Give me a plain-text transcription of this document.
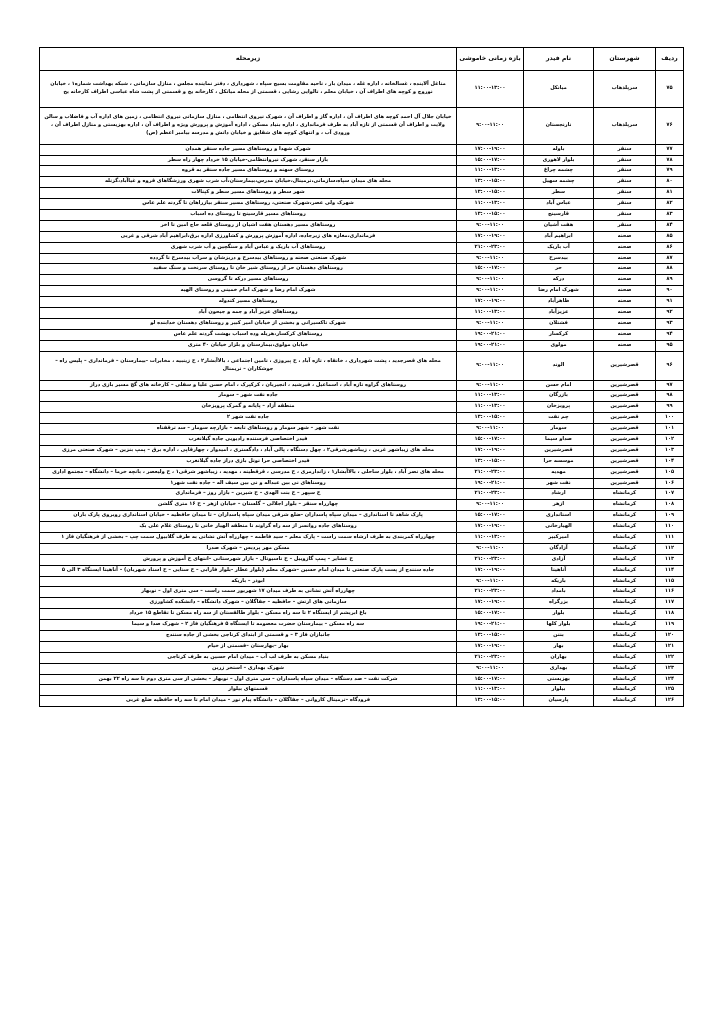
ردیف	شهرستان	نام فیدر	بازه زمانی خاموشی	زیرمحله
۷۵	سرپلذهاب	میانکل	۱۱:۰۰-۱۳:۰۰	متاغل آلاینده ، غسالخانه ، اداره غله ، میدان بار ، ناحیه مقاومت بسیج سپاه ، شهرداری ، دفتر نماینده مجلس ، منازل سازمانی ، شبکه بهداشت شماره۱ ، خیابان نوروچ و کوچه های اطراف آن ، خیابان معلم ، تالوایی رشایی ، قسمتی از محله میانکل ، کارخانه یخ و قسمتی از پشت شاه عباسی اطراف کارخانه یخ
۷۶	سرپلذهاب	نارنجستان	۹:۰۰-۱۱:۰۰	خیابان جلال آل احمد کوچه های اطراف آن ، اداره گاز و اطراف آن ، شهرک نیروی انتظامی ، منازل سازمانی نیروی انتظامی ، زمین های اداره آب و فاضلاب و سالن ولایت و اطراف آن قسمتی از تازه آباد به طرف فرمانداری ، اداره بنیاد مسکن ، اداره آموزش و پرورش ویژه و اطراف آن ، اداره بهزیستی و منازل اطراف آن ، ورودی آب ، و انتهای کوچه های شقایق و خیابان دانش و مدرسه بیامبر اعظم (ص)
۷۷	سنقر	باوله	۱۷:۰۰-۱۹:۰۰	شهرک شهدا و روستاهای مسیر جاده سنقر همدان
۷۸	سنقر	بلوار لاهوری	۱۵:۰۰-۱۷:۰۰	بازار سنقر، شهرک نیروانتظامی-خیابان ۱۵ خرداد چهار راه سطر
۷۹	سنقر	چشمه چراغ	۱۱:۰۰-۱۳:۰۰	روستای سهنه و روستاهای مسیر جاده سنقر به قروه
۸۰	سنقر	چشمه سهیل	۱۳:۰۰-۱۵:۰۰	محله های میدان سپاه،سازمانی،ترمینال،خیابان مدرس،بیمارستان،آب شرب شهری ورزشگاهای قروه و غیاآباد،گزنله
۸۱	سنقر	سطر	۱۳:۰۰-۱۵:۰۰	شهر سطر و روستاهای مسیر سطر و کپنالات
۸۲	سنقر	عباس آباد	۱۱:۰۰-۱۳:۰۰	شهرک ولی عصر،شهرک صنعتی، روستاهای مسیر سنقر بیازراهان تا گردنه علم عاس
۸۳	سنقر	قارسینج	۱۳:۰۰-۱۵:۰۰	روستاهای مسیر قارسینج تا روستای ده اسباب
۸۴	سنقر	هفت آشیان	۹:۰۰-۱۱:۰۰	روستاهای مسیر دهستان هفت اشیان از روستای قلعه حاج امین تا اخر
۸۵	صحنه	ابراهیم آباد	۱۷:۰۰-۱۹:۰۰	فرمانداری،مغازه های زیرجاده، اداره آموزش پرورش و کشاورزی اداره برق،ابراهیم آباد شرقی و غربی
۸۶	صحنه	آب باریک	۲۱:۰۰-۲۳:۰۰	روستاهای آب باریک و عباس آباد و سنگچین و آب شرب شهری
۸۷	صحنه	بیدسرخ	۹:۰۰-۱۱:۰۰	شهرک صنعتی صحنه و روستاهای بیدسرخ و دریزشان و سراب بیدسرخ تا گردده
۸۸	صحنه	حر	۱۵:۰۰-۱۷:۰۰	روستاهای دهستان حر از روستای شیر خان تا روستای سرنخت و سنگ سفید
۸۹	صحنه	درکه	۹:۰۰-۱۱:۰۰	روستاهای مسیر درکه تا گروسی
۹۰	صحنه	شهرک امام رضا	۹:۰۰-۱۱:۰۰	شهرک امام رضا و شهرک امام خمینی و روستای الهیه
۹۱	صحنه	ظاهرآباد	۱۷:۰۰-۱۹:۰۰	روستاهای مسیر کندوله
۹۲	صحنه	عزیزآباد	۱۱:۰۰-۱۳:۰۰	روستاهای عزیز آباد و جمه و جیحون آباد
۹۳	صحنه	فشتلان	۹:۰۰-۱۱:۰۰	شهرک تاکسیرانی و بخشی از خیابان امیر کبیر و روستاهای دهستان خدابنده لو
۹۴	صحنه	کرکسار	۱۹:۰۰-۲۱:۰۰	روستاهای کرکسار،هریله وده اسباب بهشت گردنه علم عاس
۹۵	صحنه	مولوی	۱۹:۰۰-۲۱:۰۰	خیابان مولوی،بیمارستان و بلزار خیابان ۴۰ متری
۹۶	قصرشیرین	الوند	۹:۰۰-۱۱:۰۰	محله های قصرجدید ، پشت شهرداری ، خانقاه ، تازه آباد ، خ پیروزی ، تامین اجتماعی ، بالاآبشار۲ ، خ زینبیه ، مخابرات -بیمارستان – فرمانداری – پلیس راه – جوشکاران – تریمنال
۹۷	قصرشیرین	امام حسن	۹:۰۰-۱۱:۰۰	روستاهای گراوه تازه آباد ، اسماعیل ، قبرشید ، انجیربان ، کرکپرک ، امام حسن علیا و سفلی – کارخانه های گچ مسیر بازی دراز
۹۸	قصرشیرین	بازرگان	۱۱:۰۰-۱۳:۰۰	جاده نفت شهر – سومار
۹۹	قصرشیرین	پرویزخان	۱۱:۰۰-۱۳:۰۰	منطقه آزاد – پایانه و گمرک پرویزخان
۱۰۰	قصرشیرین	چم نفت	۱۳:۰۰-۱۵:۰۰	جاده نفت شهر ۲
۱۰۱	قصرشیرین	سومار	۹:۰۰-۱۱:۰۰	نفت شهر – شهر سومار و روستاهای تابعه – بازارچه سومار – سد ترقفناه
۱۰۲	قصرشیرین	صداو سیما	۱۵:۰۰-۱۷:۰۰	فیدر اختصاصی فرستنده رادیویی جاده گیلانغرب
۱۰۳	قصرشیرین	قصرشیرین	۱۷:۰۰-۱۹:۰۰	محله های زیباشهر غربی ، زیباشهرشرقی۲ ، چهل دستگاه ، پالی آباد ، دادگستری ، امیدوار ، چهارقاپی ، اداره برق – پمپ بنزین – شهرک صنعتی مرزی
۱۰۴	قصرشیرین	موسسه حرا	۱۳:۰۰-۱۵:۰۰	فیدر اختصاصی حرا توتل بازی دراز جاده گیلانغرب
۱۰۵	قصرشیرین	مهدیه	۲۱:۰۰-۲۳:۰۰	محله های نصر آباد ، بلوار ساحلی ، بالاآبشار۱ ، زاندارمری ، خ مدرسی ، قرقطینه ، مهدیه ، زیباشهر شرقی۱ ، خ ولیعصر ، بانچه خرما – دانشگاه – مجتمع اداری
۱۰۶	قصرشیرین	نفت شهر	۱۹:۰۰-۲۱:۰۰	روستاهای نی بین عبداله و نی بین سیف اله – جاده نفت شهر۱
۱۰۷	کرمانشاه	ارشاد	۲۱:۰۰-۲۳:۰۰	خ سپهر – خ بنت الهدی – خ شیرین – بازار روز – فرمانداری
۱۰۸	کرمانشاه	ازهر	۹:۰۰-۱۱:۰۰	چهارراه سنقر – بلوار اجلالی – گلستان – خیابان ازهر – خ ۱۶ متری گلشن
۱۰۹	کرمانشاه	استانداری	۱۵:۰۰-۱۷:۰۰	پارک شاهد تا استانداری – میدان سپاه پاسداران -ضلع شرقی میدان سپاه پاسداران – تا میدان حافظیه – خیابان استانداری روبروی پارک باران
۱۱۰	کرمانشاه	الهیارخانی	۱۷:۰۰-۱۹:۰۰	روستاهای جاده روانسر از سه راه گراوند تا منطقه الهیار خانی تا روستای غلام علی بک
۱۱۱	کرمانشاه	امیرکبیر	۱۱:۰۰-۱۳:۰۰	چهارراه کمربندی به طرف ارشاه سمت راست – پارک معلم – سید فاطمه – چهارراه آتش نشانی به طرف گلابیول سمت چپ – بخشی از فرهنگیان فاز ۱
۱۱۲	کرمانشاه	آزادگان	۹:۰۰-۱۱:۰۰	مسکن مهر پردیس – شهرک صدرا
۱۱۳	کرمانشاه	آزادی	۲۱:۰۰-۲۳:۰۰	خ عشایر – پمپ گازوییل – خ تاسیوتال – بازار شهرستانی –انتهای خ آموزش و پرورش
۱۱۴	کرمانشاه	آناهیتا	۱۷:۰۰-۱۹:۰۰	جاده سنندج از پست پارک صنعتی تا میدان امام حسین –شهرک معلم (بلوار عطار -بلوار فارابی – خ سنایی – خ اسناد شهربان) – آناهیتا ایستگاه ۳ الی ۵
۱۱۵	کرمانشاه	باریکه	۹:۰۰-۱۱:۰۰	ابوذر – باریکه
۱۱۶	کرمانشاه	بامداد	۲۱:۰۰-۲۳:۰۰	چهارراه آتش نشانی به طرف میدان ۱۷ شهریور سمت راست – سی متری اول – نوبهار
۱۱۷	کرمانشاه	بزرگراه	۱۷:۰۰-۱۹:۰۰	سازمانی های ارتش – حافظیه – جفاگلان – شهرک دانشگاه – دانشکده کشاورزی
۱۱۸	کرمانشاه	بلوار	۱۵:۰۰-۱۷:۰۰	باغ ابریشم از ایستگاه ۲ تا سه راه مسکن – بلوار طالقستان از سه راه مسکن تا تقاطع ۱۵ خرداد
۱۱۹	کرمانشاه	بلوار کلها	۱۹:۰۰-۲۱:۰۰	سه راه مسکن – بیمارستان حضرت معصومه تا ایستگاه ۵ فرهنگیان فاز ۲ – شهرک صدا و سیما
۱۲۰	کرمانشاه	بنتن	۱۳:۰۰-۱۵:۰۰	جانبازان فاز ۳ – و قسمتی از ابتدای کرناجی بخشی از جاده سنندج
۱۲۱	کرمانشاه	بهار	۱۷:۰۰-۱۹:۰۰	بهار –بهارستان –قسمتی از خیام
۱۲۲	کرمانشاه	بهاران	۲۱:۰۰-۲۳:۰۰	بنیاد مسکن به طرف لب آب – میدان امام حسین به طرف کرناجی
۱۲۳	کرمانشاه	بهداری	۹:۰۰-۱۱:۰۰	شهرک بهداری – استخر زرین
۱۲۴	کرمانشاه	بهزیستی	۱۵:۰۰-۱۷:۰۰	شرکت نفت – صد دستگاه – میدان سپاه پاسداران – سی متری اول – نوبهار – بخشی از سی متری دوم تا سه راه ۲۲ بهمن
۱۲۵	کرمانشاه	بیلوار	۱۱:۰۰-۱۳:۰۰	قسمتهای بیلوار
۱۲۶	کرمانشاه	پارسیان	۱۳:۰۰-۱۵:۰۰	فرودگاه –ترمینال کاروانی – جفاگلان – دانشگاه پیام نور – میدان امام تا سه راه حافظیه ضلع غربی
